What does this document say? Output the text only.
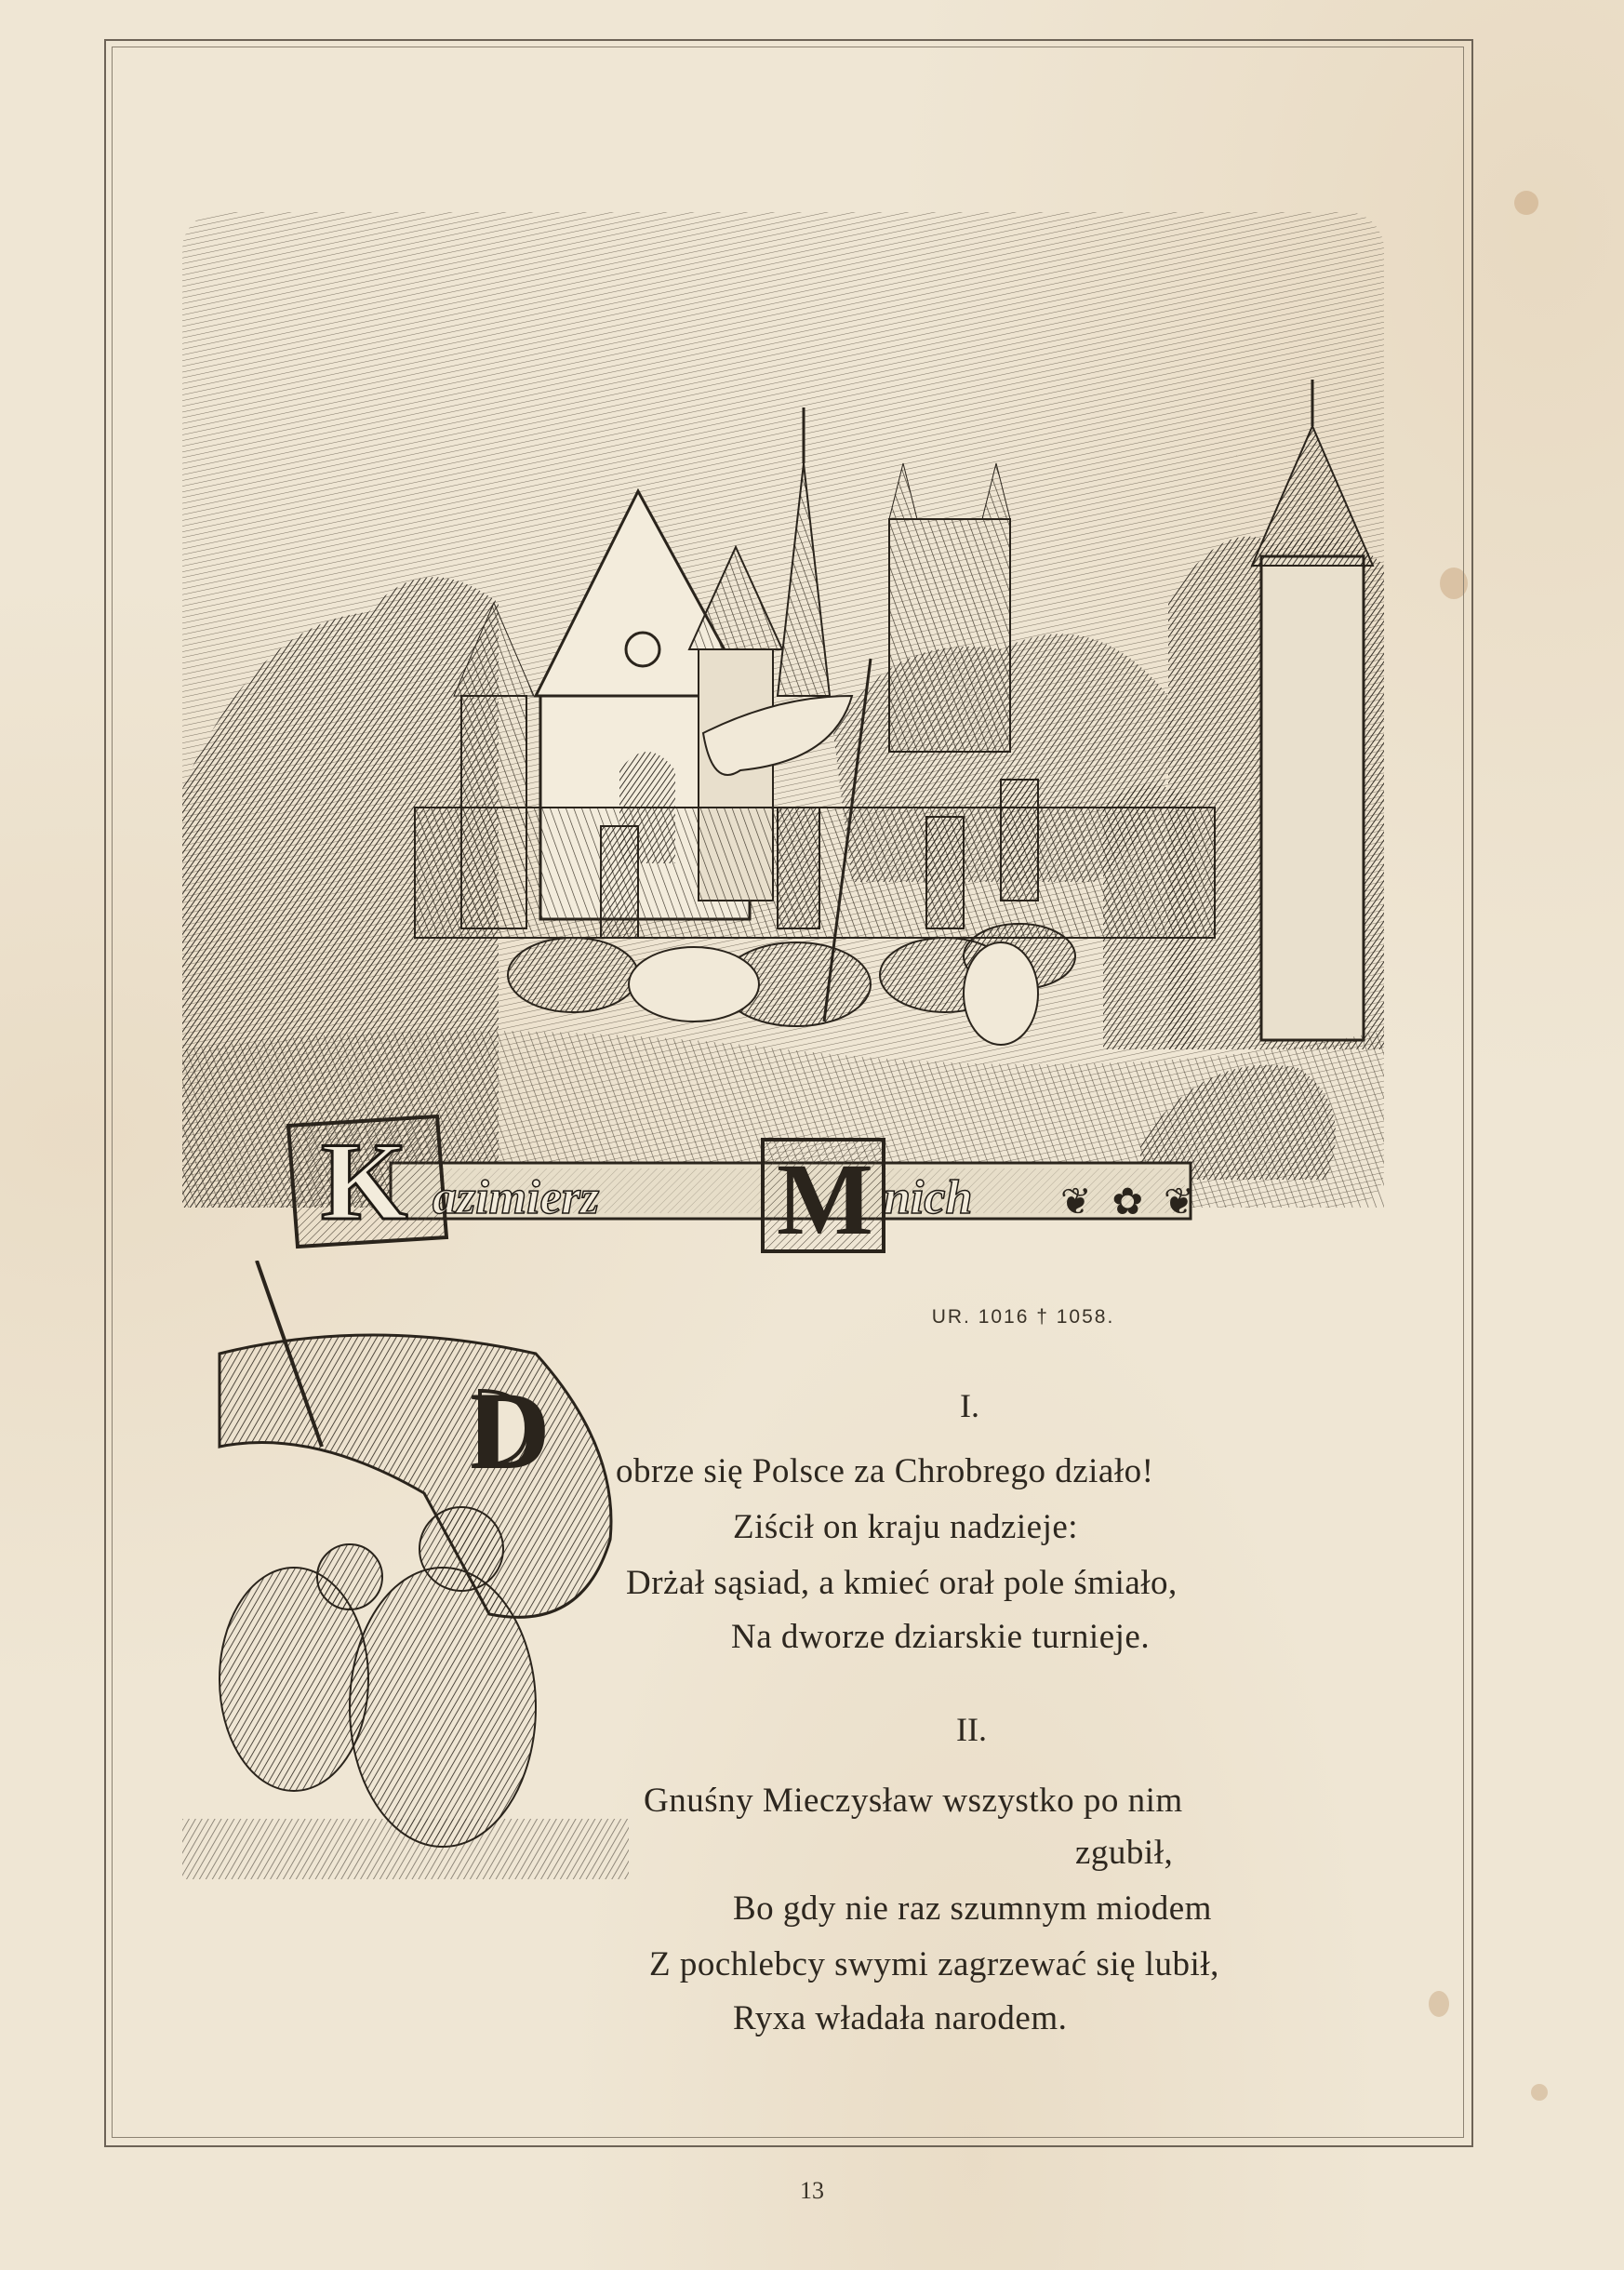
K azimierz M nich ❦ ✿ ❦
D
UR. 1016 † 1058.
I.
obrze się Polsce za Chrobrego działo!
Ziścił on kraju nadzieje:
Drżał sąsiad, a kmieć orał pole śmiało,
Na dworze dziarskie turnieje.
II.
Gnuśny Mieczysław wszystko po nim
zgubił,
Bo gdy nie raz szumnym miodem
Z pochlebcy swymi zagrzewać się lubił,
Ryxa władała narodem.
13
